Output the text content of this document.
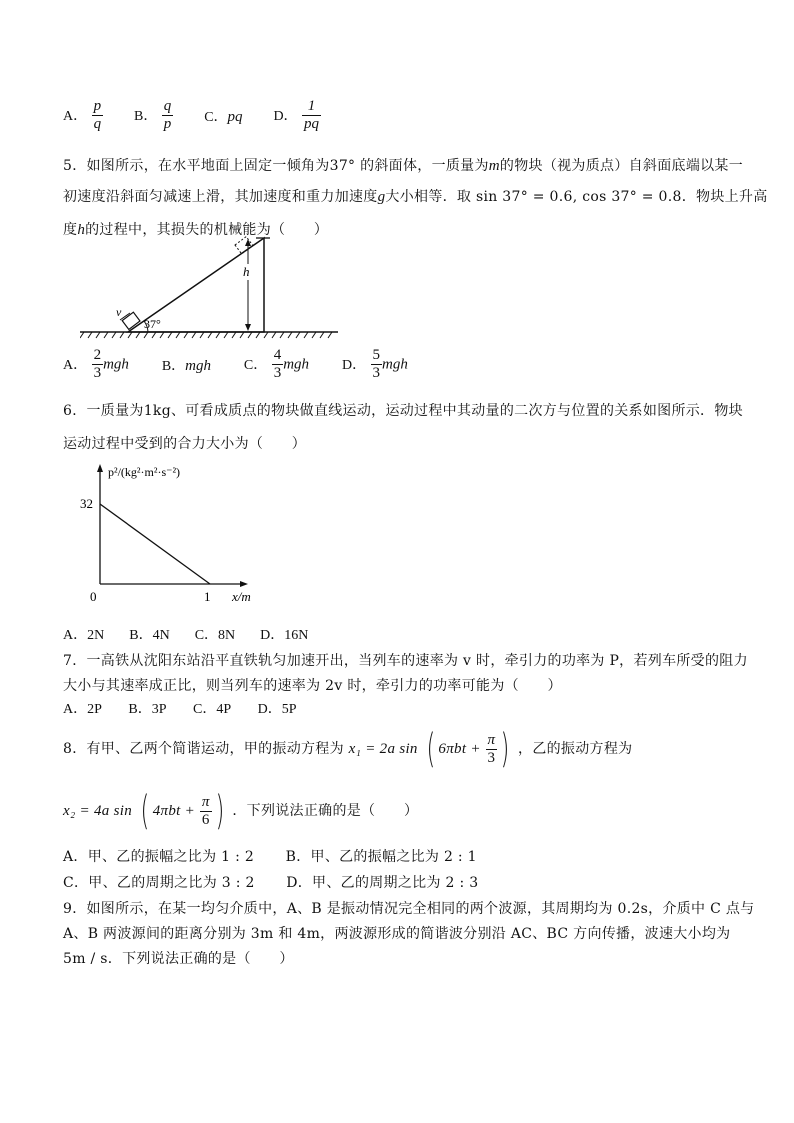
A． $\frac{p}{q}$ B． $\frac{q}{p}$ C．pq D． $\frac{1}{pq}$
5．如图所示，在水平地面上固定一倾角为37° 的斜面体，一质量为m的物块（视为质点）自斜面底端以某一
初速度沿斜面匀减速上滑，其加速度和重力加速度g大小相等．取 sin 37° = 0.6, cos 37° = 0.8．物块上升高
度h的过程中，其损失的机械能为（　　）
v
37°
h
A． $\frac{2}{3}$ mgh B．mgh C． $\frac{4}{3}$ mgh D． $\frac{5}{3}$ mgh
6．一质量为1kg、可看成质点的物块做直线运动，运动过程中其动量的二次方与位置的关系如图所示．物块
运动过程中受到的合力大小为（　　）
p²/(kg²·m²·s⁻²)
x/m
32
0	1
A．2N B．4N C．8N D．16N
7．一高铁从沈阳东站沿平直铁轨匀加速开出，当列车的速率为 v 时，牵引力的功率为 P，若列车所受的阻力
大小与其速率成正比，则当列车的速率为 2v 时，牵引力的功率可能为（　　）
A．2P B．3P C．4P D．5P
8．有甲、乙两个简谐运动，甲的振动方程为 x₁ = 2a sin ( $6\pi bt + \frac{\pi}{3}$ ) ，乙的振动方程为
x₂ = 4a sin ( $4\pi bt + \frac{\pi}{6}$ ) ．下列说法正确的是（　　）
A．甲、乙的振幅之比为 1 : 2 B．甲、乙的振幅之比为 2 : 1
C．甲、乙的周期之比为 3 : 2 D．甲、乙的周期之比为 2 : 3
9．如图所示，在某一均匀介质中，A、B 是振动情况完全相同的两个波源，其周期均为 0.2s，介质中 C 点与
A、B 两波源间的距离分别为 3m 和 4m，两波源形成的简谐波分别沿 AC、BC 方向传播，波速大小均为
5m / s．下列说法正确的是（　　）
